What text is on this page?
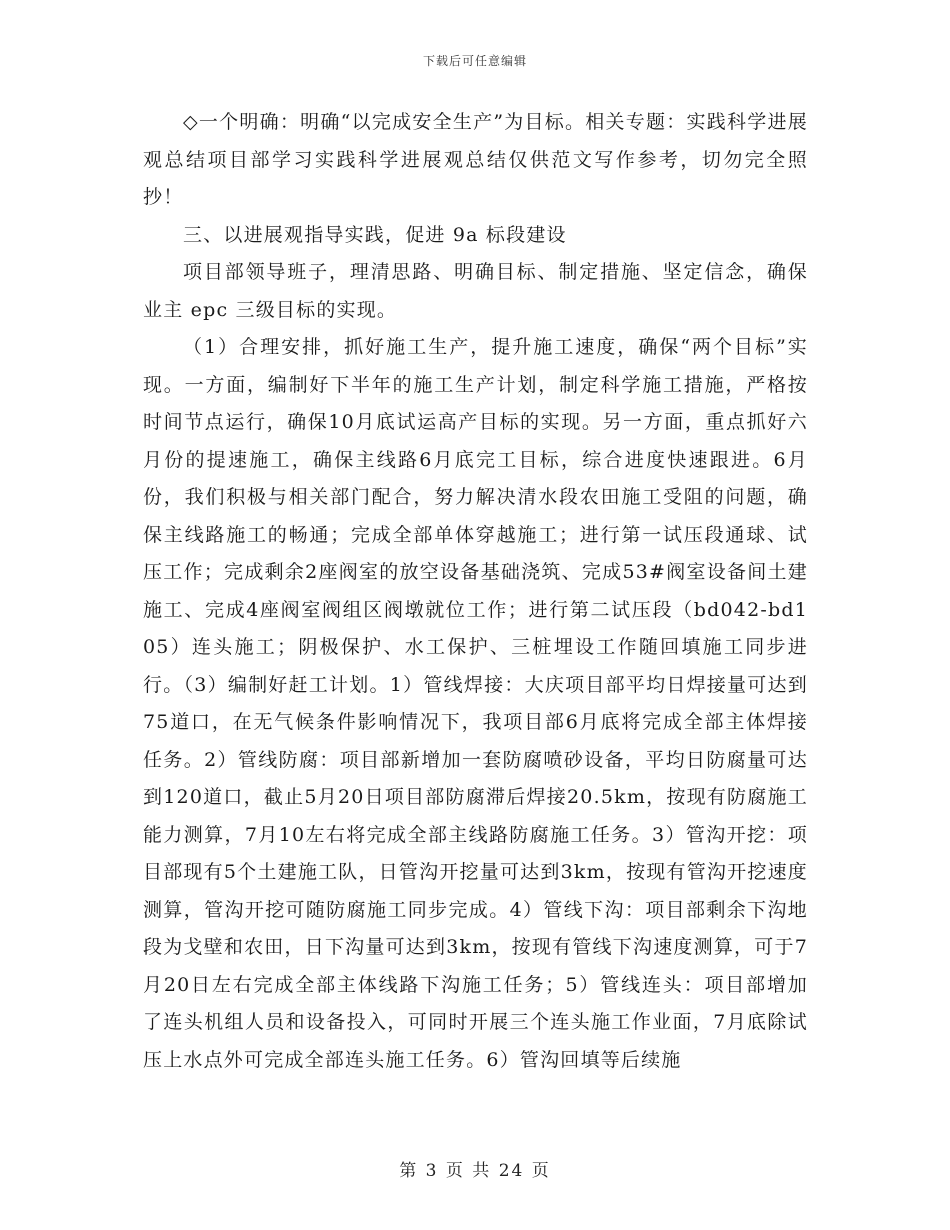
下载后可任意编辑

◇一个明确：明确“以完成安全生产”为目标。相关专题：实践科学进展观总结项目部学习实践科学进展观总结仅供范文写作参考，切勿完全照抄！

三、以进展观指导实践，促进 9a 标段建设

项目部领导班子，理清思路、明确目标、制定措施、坚定信念，确保业主 epc 三级目标的实现。

（1）合理安排，抓好施工生产，提升施工速度，确保“两个目标”实现。一方面，编制好下半年的施工生产计划，制定科学施工措施，严格按时间节点运行，确保10月底试运高产目标的实现。另一方面，重点抓好六月份的提速施工，确保主线路6月底完工目标，综合进度快速跟进。6月份，我们积极与相关部门配合，努力解决清水段农田施工受阻的问题，确保主线路施工的畅通；完成全部单体穿越施工；进行第一试压段通球、试压工作；完成剩余2座阀室的放空设备基础浇筑、完成53#阀室设备间土建施工、完成4座阀室阀组区阀墩就位工作；进行第二试压段（bd042-bd105）连头施工；阴极保护、水工保护、三桩埋设工作随回填施工同步进行。（3）编制好赶工计划。1）管线焊接：大庆项目部平均日焊接量可达到75道口，在无气候条件影响情况下，我项目部6月底将完成全部主体焊接任务。2）管线防腐：项目部新增加一套防腐喷砂设备，平均日防腐量可达到120道口，截止5月20日项目部防腐滞后焊接20.5km，按现有防腐施工能力测算，7月10左右将完成全部主线路防腐施工任务。3）管沟开挖：项目部现有5个土建施工队，日管沟开挖量可达到3km，按现有管沟开挖速度测算，管沟开挖可随防腐施工同步完成。4）管线下沟：项目部剩余下沟地段为戈壁和农田，日下沟量可达到3km，按现有管线下沟速度测算，可于7月20日左右完成全部主体线路下沟施工任务；5）管线连头：项目部增加了连头机组人员和设备投入，可同时开展三个连头施工作业面，7月底除试压上水点外可完成全部连头施工任务。6）管沟回填等后续施

第 3 页 共 24 页
